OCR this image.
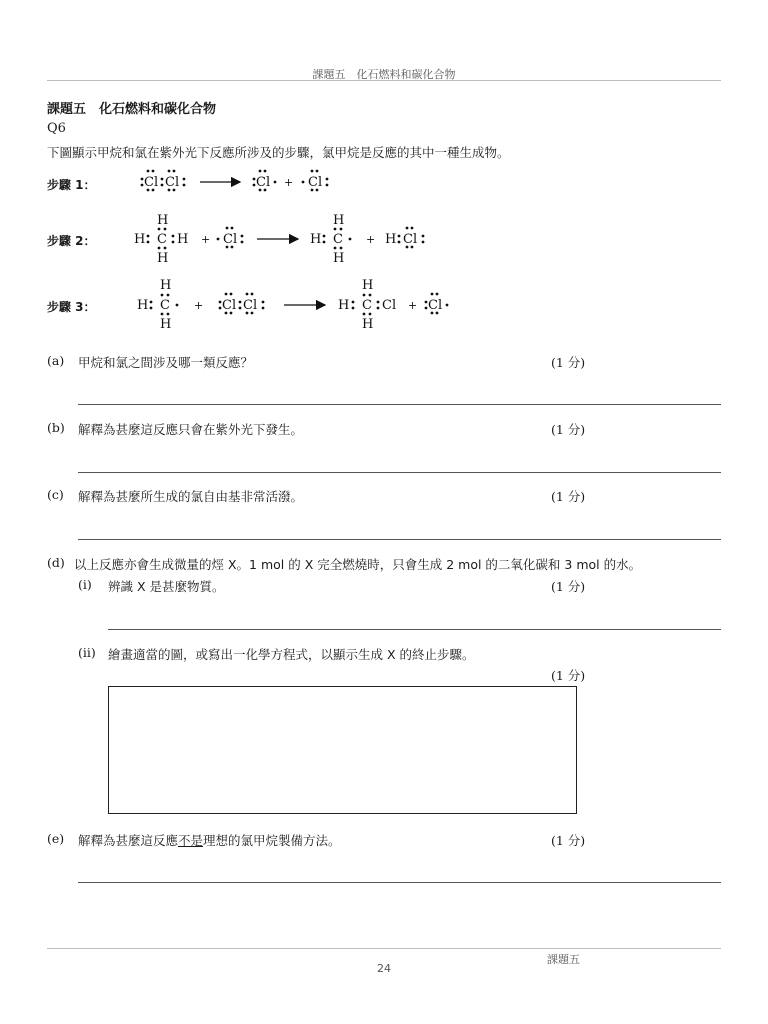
課題五　化石燃料和碳化合物
課題五　化石燃料和碳化合物
Q6
下圖顯示甲烷和氯在紫外光下反應所涉及的步驟，氯甲烷是反應的其中一種生成物。
步驟 1：
步驟 2：
步驟 3：
Cl Cl	Cl + Cl
H
H
H C H + Cl
H
H
H C + H Cl
H
H
H C + Cl Cl
H
H
H C Cl + Cl
(a) 甲烷和氯之間涉及哪一類反應？	(1 分)
(b) 解釋為甚麼這反應只會在紫外光下發生。	(1 分)
(c) 解釋為甚麼所生成的氯自由基非常活潑。	(1 分)
(d) 以上反應亦會生成微量的烴 X。1 mol 的 X 完全燃燒時，只會生成 2 mol 的二氧化碳和 3 mol 的水。
(i) 辨識 X 是甚麼物質。	(1 分)
(ii) 繪畫適當的圖，或寫出一化學方程式，以顯示生成 X 的終止步驟。
(1 分)
(e) 解釋為甚麼這反應不是理想的氯甲烷製備方法。	(1 分)
課題五
24
